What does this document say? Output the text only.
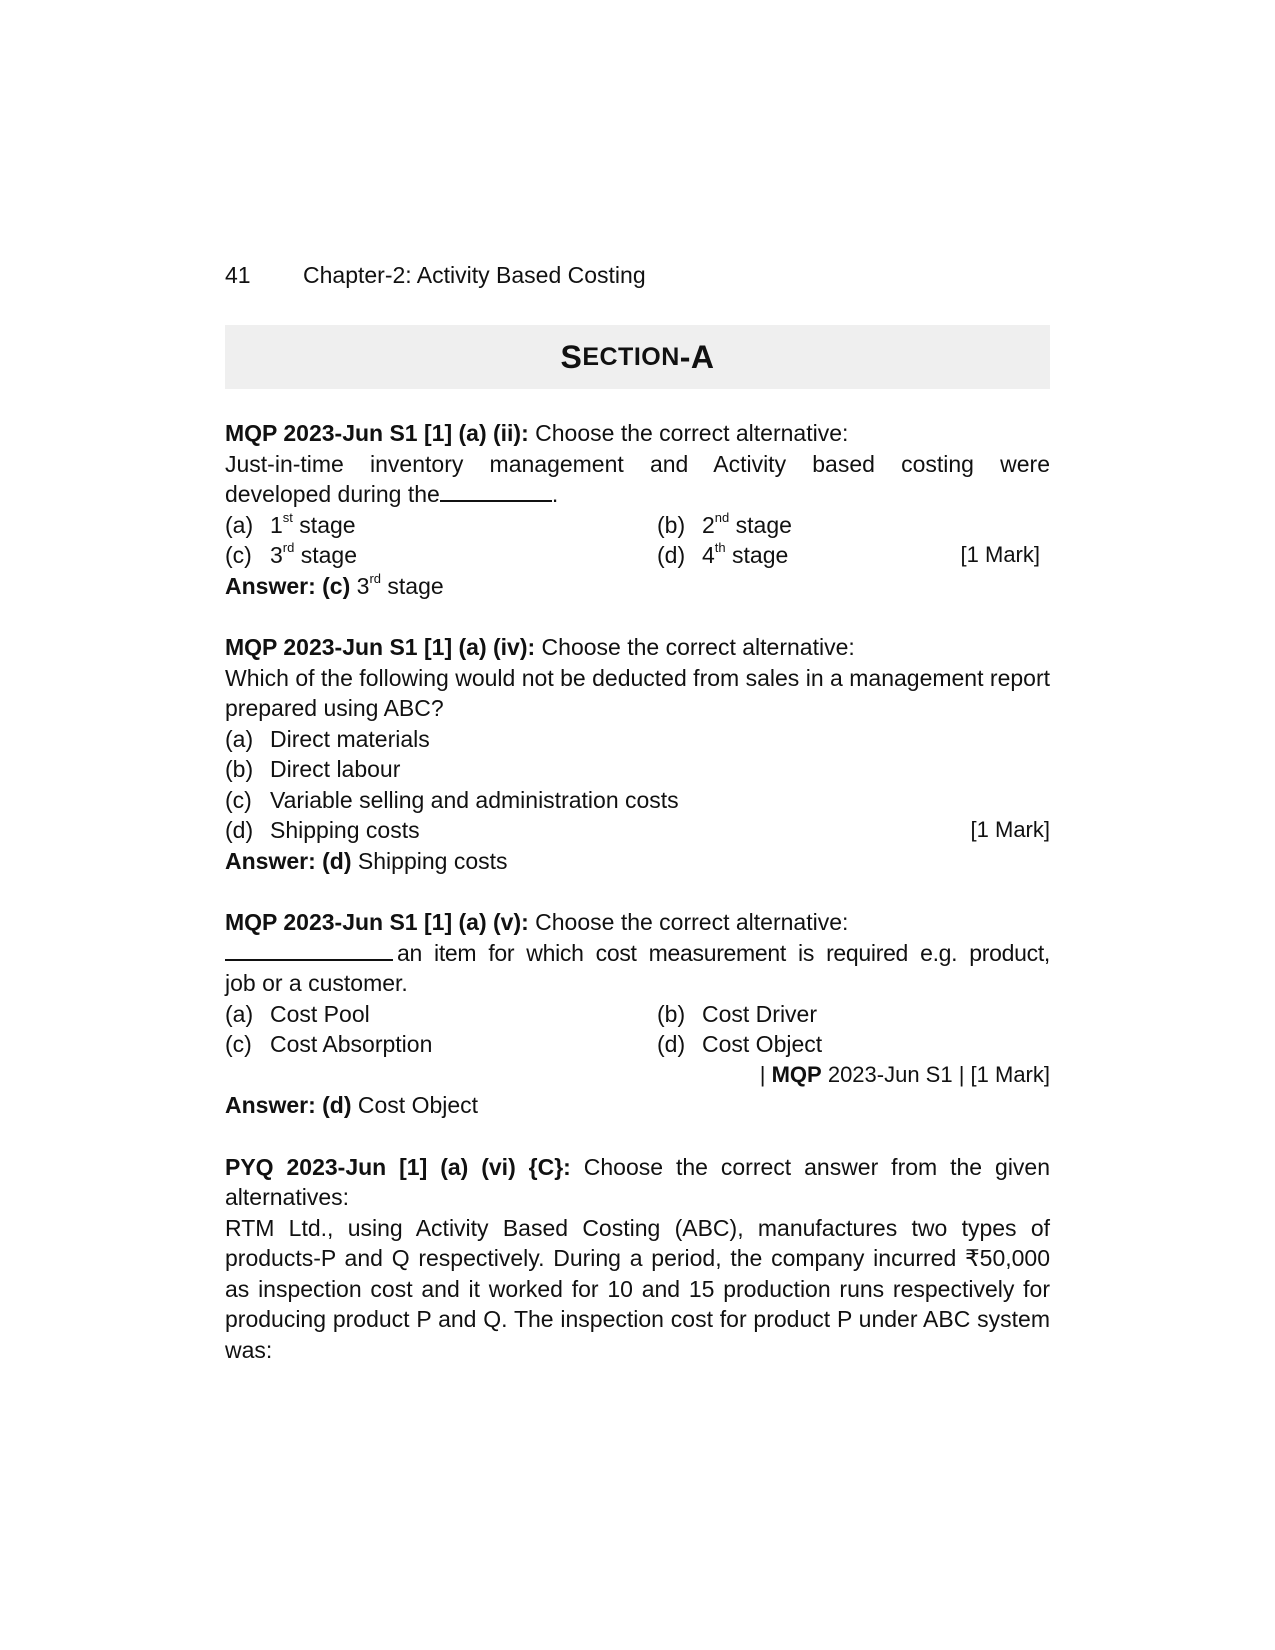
41	Chapter-2: Activity Based Costing
S ECTION -A
MQP 2023-Jun S1 [1] (a) (ii): Choose the correct alternative:
Just-in-time inventory management and Activity based costing were
developed during the	.
(a) 1st stage	(b) 2nd stage
(c) 3rd stage	(d) 4th stage	[1 Mark]
Answer: (c) 3rd stage
MQP 2023-Jun S1 [1] (a) (iv): Choose the correct alternative:
Which of the following would not be deducted from sales in a management report prepared using ABC?
(a) Direct materials
(b) Direct labour
(c) Variable selling and administration costs
(d) Shipping costs	[1 Mark]
Answer: (d) Shipping costs
MQP 2023-Jun S1 [1] (a) (v): Choose the correct alternative:
an item for which cost measurement is required e.g. product,
job or a customer.
(a) Cost Pool	(b) Cost Driver
(c) Cost Absorption	(d) Cost Object
| MQP 2023-Jun S1 | [1 Mark]
Answer: (d) Cost Object
PYQ 2023-Jun [1] (a) (vi) {C}: Choose the correct answer from the given alternatives:
RTM Ltd., using Activity Based Costing (ABC), manufactures two types of products-P and Q respectively. During a period, the company incurred ₹50,000 as inspection cost and it worked for 10 and 15 production runs respectively for producing product P and Q. The inspection cost for product P under ABC system was:
